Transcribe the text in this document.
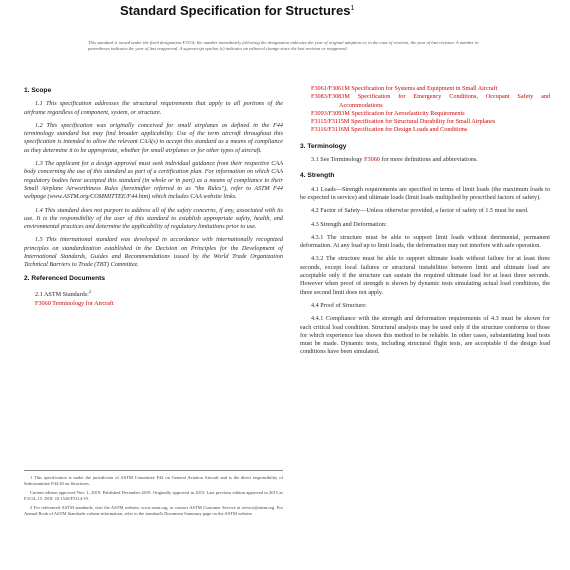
Standard Specification for Structures$^1$
This standard is issued under the fixed designation F3114; the number immediately following the designation indicates the year of original adoption or, in the case of revision, the year of last revision. A number in parentheses indicates the year of last reapproval. A superscript epsilon (ε) indicates an editorial change since the last revision or reapproval.
1. Scope

1.1 This specification addresses the structural requirements that apply to all portions of the airframe regardless of component, system, or structure.

1.2 This specification was originally conceived for small airplanes as defined in the F44 terminology standard but may find broader applicability. Use of the term aircraft throughout this specification is intended to allow the relevant CAA(s) to accept this standard as a means of compliance as they determine it to be appropriate, whether for small airplanes or for other types of aircraft.

1.3 The applicant for a design approval must seek individual guidance from their respective CAA body concerning the use of this standard as part of a certification plan. For information on which CAA regulatory bodies have accepted this standard (in whole or in part) as a means of compliance to their Small Airplane Airworthiness Rules (hereinafter referred to as "the Rules"), refer to ASTM F44 webpage (www.ASTM.org/COMMITTEE/F44.htm) which includes CAA website links.

1.4 This standard does not purport to address all of the safety concerns, if any, associated with its use. It is the responsibility of the user of this standard to establish appropriate safety, health, and environmental practices and determine the applicability of regulatory limitations prior to use.

1.5 This international standard was developed in accordance with internationally recognized principles on standardization established in the Decision on Principles for the Development of International Standards, Guides and Recommendations issued by the World Trade Organization Technical Barriers to Trade (TBT) Committee.

2. Referenced Documents

2.1 ASTM Standards:$^2$

F3060 Terminology for Aircraft
F3061/F3061M Specification for Systems and Equipment in Small Aircraft
F3083/F3083M Specification for Emergency Conditions, Occupant Safety and Accommodations
F3093/F3093M Specification for Aeroelasticity Requirements
F3115/F3115M Specification for Structural Durability for Small Airplanes
F3116/F3116M Specification for Design Loads and Conditions
3. Terminology

3.1 See Terminology F3060 for more definitions and abbreviations.

4. Strength

4.1 Loads—Strength requirements are specified in terms of limit loads (the maximum loads to be expected in service) and ultimate loads (limit loads multiplied by prescribed factors of safety).

4.2 Factor of Safety—Unless otherwise provided, a factor of safety of 1.5 must be used.

4.3 Strength and Deformation:

4.3.1 The structure must be able to support limit loads without detrimental, permanent deformation. At any load up to limit loads, the deformation may not interfere with safe operation.

4.3.2 The structure must be able to support ultimate loads without failure for at least three seconds, except local failures or structural instabilities between limit and ultimate load are acceptable only if the structure can sustain the required ultimate load for at least three seconds. However when proof of strength is shown by dynamic tests simulating actual load conditions, the three second limit does not apply.

4.4 Proof of Structure:

4.4.1 Compliance with the strength and deformation requirements of 4.3 must be shown for each critical load condition. Structural analysis may be used only if the structure conforms to those for which experience has shown this method to be reliable. In other cases, substantiating load tests must be made. Dynamic tests, including structural flight tests, are acceptable if the design load conditions have been simulated.

1 This specification is under the jurisdiction of ASTM Committee F44 on General Aviation Aircraft and is the direct responsibility of Subcommittee F44.30 on Structures.
Current edition approved Nov. 1, 2019. Published December 2019. Originally approved in 2015. Last previous edition approved in 2015 as F3114–15. DOI: 10.1520/F3114-19.
2 For referenced ASTM standards, visit the ASTM website, www.astm.org, or contact ASTM Customer Service at service@astm.org. For Annual Book of ASTM Standards volume information, refer to the standard's Document Summary page on the ASTM website.
